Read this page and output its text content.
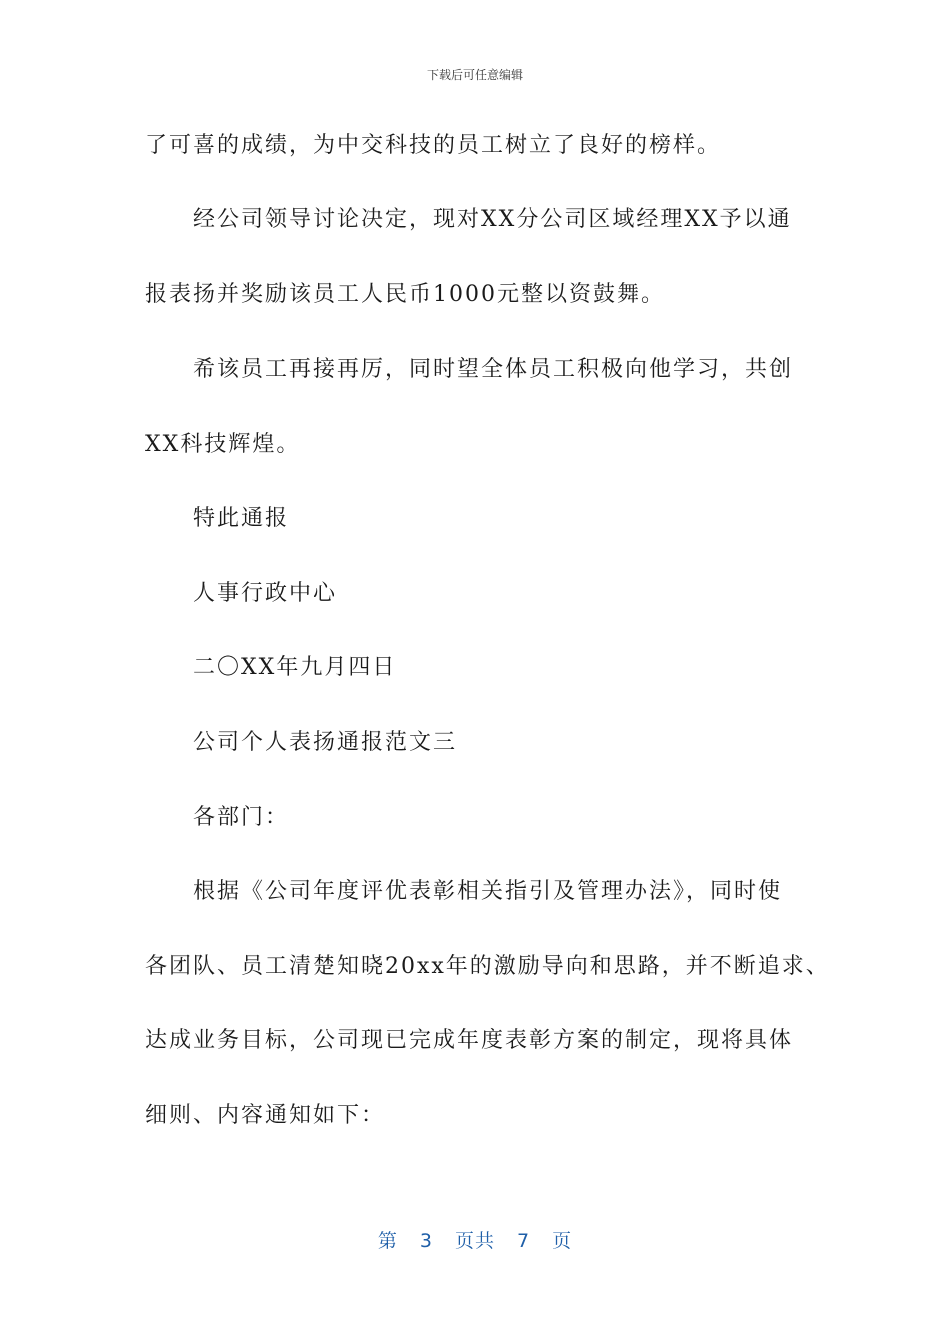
下载后可任意编辑
了可喜的成绩，为中交科技的员工树立了良好的榜样。
经公司领导讨论决定，现对XX分公司区域经理XX予以通
报表扬并奖励该员工人民币1000元整以资鼓舞。
希该员工再接再厉，同时望全体员工积极向他学习，共创
XX科技辉煌。
特此通报
人事行政中心
二〇XX年九月四日
公司个人表扬通报范文三
各部门：
根据《公司年度评优表彰相关指引及管理办法》，同时使
各团队、员工清楚知晓20xx年的激励导向和思路，并不断追求、
达成业务目标，公司现已完成年度表彰方案的制定，现将具体
细则、内容通知如下：
第 3 页共 7 页
